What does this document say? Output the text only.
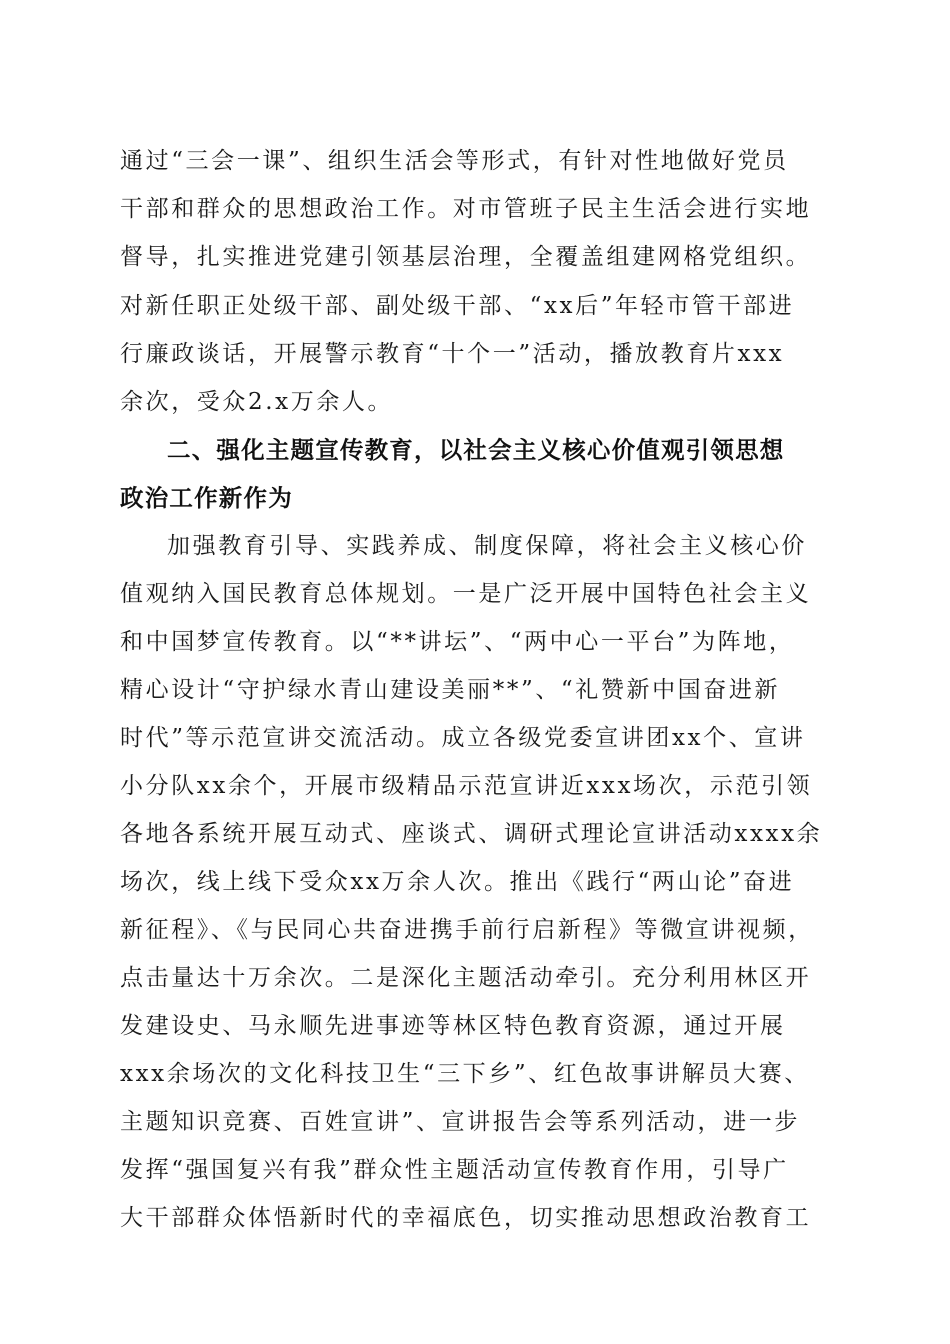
通过“三会一课”、组织生活会等形式，有针对性地做好党员
干部和群众的思想政治工作。对市管班子民主生活会进行实地
督导，扎实推进党建引领基层治理，全覆盖组建网格党组织。
对新任职正处级干部、副处级干部、“xx后”年轻市管干部进
行廉政谈话，开展警示教育“十个一”活动，播放教育片xxx
余次，受众2.x万余人。
二、强化主题宣传教育，以社会主义核心价值观引领思想
政治工作新作为
加强教育引导、实践养成、制度保障，将社会主义核心价
值观纳入国民教育总体规划。一是广泛开展中国特色社会主义
和中国梦宣传教育。以“**讲坛”、“两中心一平台”为阵地，
精心设计“守护绿水青山建设美丽**”、“礼赞新中国奋进新
时代”等示范宣讲交流活动。成立各级党委宣讲团xx个、宣讲
小分队xx余个，开展市级精品示范宣讲近xxx场次，示范引领
各地各系统开展互动式、座谈式、调研式理论宣讲活动xxxx余
场次，线上线下受众xx万余人次。推出《践行“两山论”奋进
新征程》、《与民同心共奋进携手前行启新程》等微宣讲视频，
点击量达十万余次。二是深化主题活动牵引。充分利用林区开
发建设史、马永顺先进事迹等林区特色教育资源，通过开展
xxx余场次的文化科技卫生“三下乡”、红色故事讲解员大赛、
主题知识竞赛、百姓宣讲”、宣讲报告会等系列活动，进一步
发挥“强国复兴有我”群众性主题活动宣传教育作用，引导广
大干部群众体悟新时代的幸福底色，切实推动思想政治教育工
